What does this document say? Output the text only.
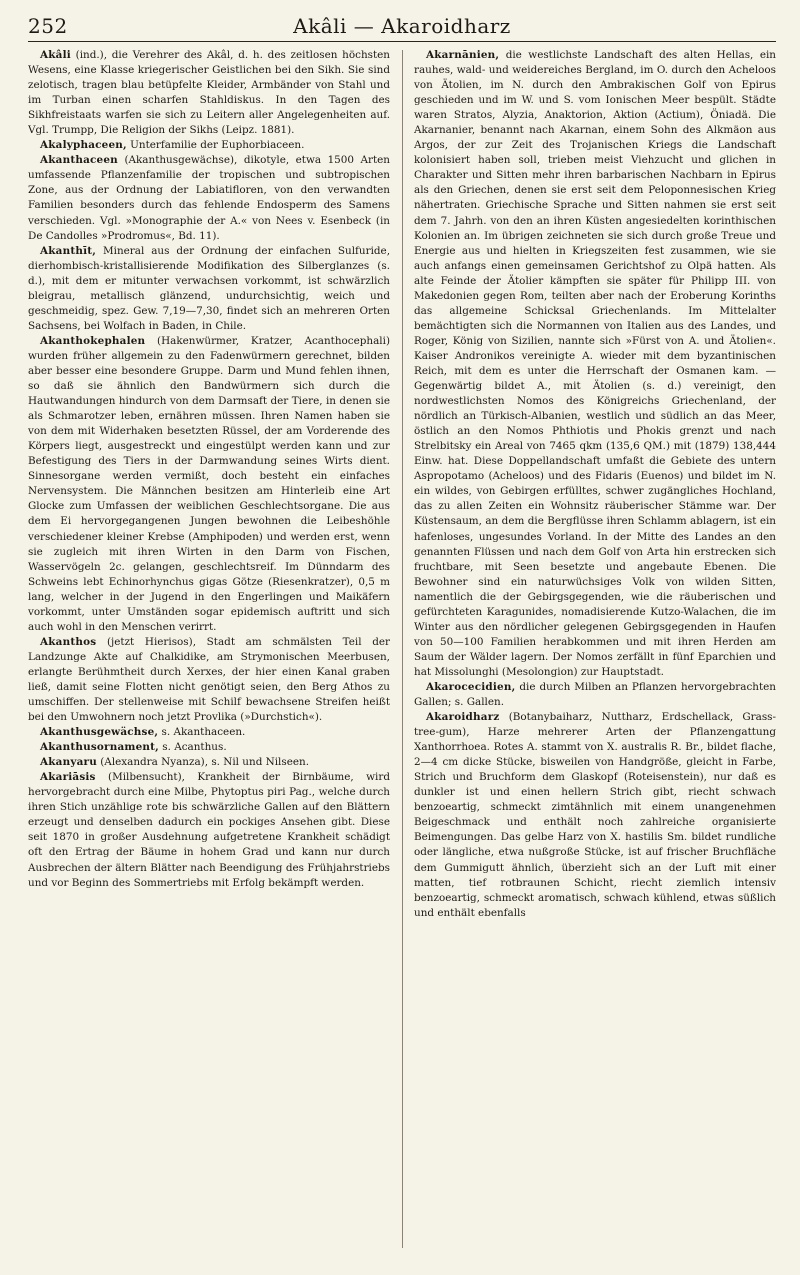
252	Akâli — Akaroidharz

Akâli (ind.), die Verehrer des Akâl, d. h. des zeitlosen höchsten Wesens, eine Klasse kriegerischer Geistlichen bei den Sikh. Sie sind zelotisch, tragen blau betüpfelte Kleider, Armbänder von Stahl und im Turban einen scharfen Stahldiskus. In den Tagen des Sikhfreistaats warfen sie sich zu Leitern aller Angelegenheiten auf. Vgl. Trumpp, Die Religion der Sikhs (Leipz. 1881).

Akalyphaceen, Unterfamilie der Euphorbiaceen.

Akanthaceen (Akanthusgewächse), dikotyle, etwa 1500 Arten umfassende Pflanzenfamilie der tropischen und subtropischen Zone, aus der Ordnung der Labiatifloren, von den verwandten Familien besonders durch das fehlende Endosperm des Samens verschieden. Vgl. »Monographie der A.« von Nees v. Esenbeck (in De Candolles »Prodromus«, Bd. 11).

Akanthīt, Mineral aus der Ordnung der einfachen Sulfuride, dierhombisch-kristallisierende Modifikation des Silberglanzes (s. d.), mit dem er mitunter verwachsen vorkommt, ist schwärzlich bleigrau, metallisch glänzend, undurchsichtig, weich und geschmeidig, spez. Gew. 7,19—7,30, findet sich an mehreren Orten Sachsens, bei Wolfach in Baden, in Chile.

Akanthokephalen (Hakenwürmer, Kratzer, Acanthocephali) wurden früher allgemein zu den Fadenwürmern gerechnet, bilden aber besser eine besondere Gruppe. Darm und Mund fehlen ihnen, so daß sie ähnlich den Bandwürmern sich durch die Hautwandungen hindurch von dem Darmsaft der Tiere, in denen sie als Schmarotzer leben, ernähren müssen. Ihren Namen haben sie von dem mit Widerhaken besetzten Rüssel, der am Vorderende des Körpers liegt, ausgestreckt und eingestülpt werden kann und zur Befestigung des Tiers in der Darmwandung seines Wirts dient. Sinnesorgane werden vermißt, doch besteht ein einfaches Nervensystem. Die Männchen besitzen am Hinterleib eine Art Glocke zum Umfassen der weiblichen Geschlechtsorgane. Die aus dem Ei hervorgegangenen Jungen bewohnen die Leibeshöhle verschiedener kleiner Krebse (Amphipoden) und werden erst, wenn sie zugleich mit ihren Wirten in den Darm von Fischen, Wasservögeln 2c. gelangen, geschlechtsreif. Im Dünndarm des Schweins lebt Echinorhynchus gigas Götze (Riesenkratzer), 0,5 m lang, welcher in der Jugend in den Engerlingen und Maikäfern vorkommt, unter Umständen sogar epidemisch auftritt und sich auch wohl in den Menschen verirrt.

Akanthos (jetzt Hierisos), Stadt am schmälsten Teil der Landzunge Akte auf Chalkidike, am Strymonischen Meerbusen, erlangte Berühmtheit durch Xerxes, der hier einen Kanal graben ließ, damit seine Flotten nicht genötigt seien, den Berg Athos zu umschiffen. Der stellenweise mit Schilf bewachsene Streifen heißt bei den Umwohnern noch jetzt Provlika (»Durchstich«).

Akanthusgewächse, s. Akanthaceen.

Akanthusornament, s. Acanthus.

Akanyaru (Alexandra Nyanza), s. Nil und Nilseen.

Akariāsis (Milbensucht), Krankheit der Birnbäume, wird hervorgebracht durch eine Milbe, Phytoptus piri Pag., welche durch ihren Stich unzählige rote bis schwärzliche Gallen auf den Blättern erzeugt und denselben dadurch ein pockiges Ansehen gibt. Diese seit 1870 in großer Ausdehnung aufgetretene Krankheit schädigt oft den Ertrag der Bäume in hohem Grad und kann nur durch Ausbrechen der ältern Blätter nach Beendigung des Frühjahrstriebs und vor Beginn des Sommertriebs mit Erfolg bekämpft werden.

Akarnānien, die westlichste Landschaft des alten Hellas, ein rauhes, wald- und weidereiches Bergland, im O. durch den Acheloos von Ätolien, im N. durch den Ambrakischen Golf von Epirus geschieden und im W. und S. vom Ionischen Meer bespült. Städte waren Stratos, Alyzia, Anaktorion, Aktion (Actium), Öniadä. Die Akarnanier, benannt nach Akarnan, einem Sohn des Alkmäon aus Argos, der zur Zeit des Trojanischen Kriegs die Landschaft kolonisiert haben soll, trieben meist Viehzucht und glichen in Charakter und Sitten mehr ihren barbarischen Nachbarn in Epirus als den Griechen, denen sie erst seit dem Peloponnesischen Krieg nähertraten. Griechische Sprache und Sitten nahmen sie erst seit dem 7. Jahrh. von den an ihren Küsten angesiedelten korinthischen Kolonien an. Im übrigen zeichneten sie sich durch große Treue und Energie aus und hielten in Kriegszeiten fest zusammen, wie sie auch anfangs einen gemeinsamen Gerichtshof zu Olpä hatten. Als alte Feinde der Ätolier kämpften sie später für Philipp III. von Makedonien gegen Rom, teilten aber nach der Eroberung Korinths das allgemeine Schicksal Griechenlands. Im Mittelalter bemächtigten sich die Normannen von Italien aus des Landes, und Roger, König von Sizilien, nannte sich »Fürst von A. und Ätolien«. Kaiser Andronikos vereinigte A. wieder mit dem byzantinischen Reich, mit dem es unter die Herrschaft der Osmanen kam. — Gegenwärtig bildet A., mit Ätolien (s. d.) vereinigt, den nordwestlichsten Nomos des Königreichs Griechenland, der nördlich an Türkisch-Albanien, westlich und südlich an das Meer, östlich an den Nomos Phthiotis und Phokis grenzt und nach Strelbitsky ein Areal von 7465 qkm (135,6 QM.) mit (1879) 138,444 Einw. hat. Diese Doppellandschaft umfaßt die Gebiete des untern Aspropotamo (Acheloos) und des Fidaris (Euenos) und bildet im N. ein wildes, von Gebirgen erfülltes, schwer zugängliches Hochland, das zu allen Zeiten ein Wohnsitz räuberischer Stämme war. Der Küstensaum, an dem die Bergflüsse ihren Schlamm ablagern, ist ein hafenloses, ungesundes Vorland. In der Mitte des Landes an den genannten Flüssen und nach dem Golf von Arta hin erstrecken sich fruchtbare, mit Seen besetzte und angebaute Ebenen. Die Bewohner sind ein naturwüchsiges Volk von wilden Sitten, namentlich die der Gebirgsgegenden, wie die räuberischen und gefürchteten Karagunides, nomadisierende Kutzo-Walachen, die im Winter aus den nördlicher gelegenen Gebirgsgegenden in Haufen von 50—100 Familien herabkommen und mit ihren Herden am Saum der Wälder lagern. Der Nomos zerfällt in fünf Eparchien und hat Missolunghi (Mesolongion) zur Hauptstadt.

Akarocecidien, die durch Milben an Pflanzen hervorgebrachten Gallen; s. Gallen.

Akaroidharz (Botanybaiharz, Nuttharz, Erdschellack, Grass-tree-gum), Harze mehrerer Arten der Pflanzengattung Xanthorrhoea. Rotes A. stammt von X. australis R. Br., bildet flache, 2—4 cm dicke Stücke, bisweilen von Handgröße, gleicht in Farbe, Strich und Bruchform dem Glaskopf (Roteisenstein), nur daß es dunkler ist und einen hellern Strich gibt, riecht schwach benzoeartig, schmeckt zimtähnlich mit einem unangenehmen Beigeschmack und enthält noch zahlreiche organisierte Beimengungen. Das gelbe Harz von X. hastilis Sm. bildet rundliche oder längliche, etwa nußgroße Stücke, ist auf frischer Bruchfläche dem Gummigutt ähnlich, überzieht sich an der Luft mit einer matten, tief rotbraunen Schicht, riecht ziemlich intensiv benzoeartig, schmeckt aromatisch, schwach kühlend, etwas süßlich und enthält ebenfalls
